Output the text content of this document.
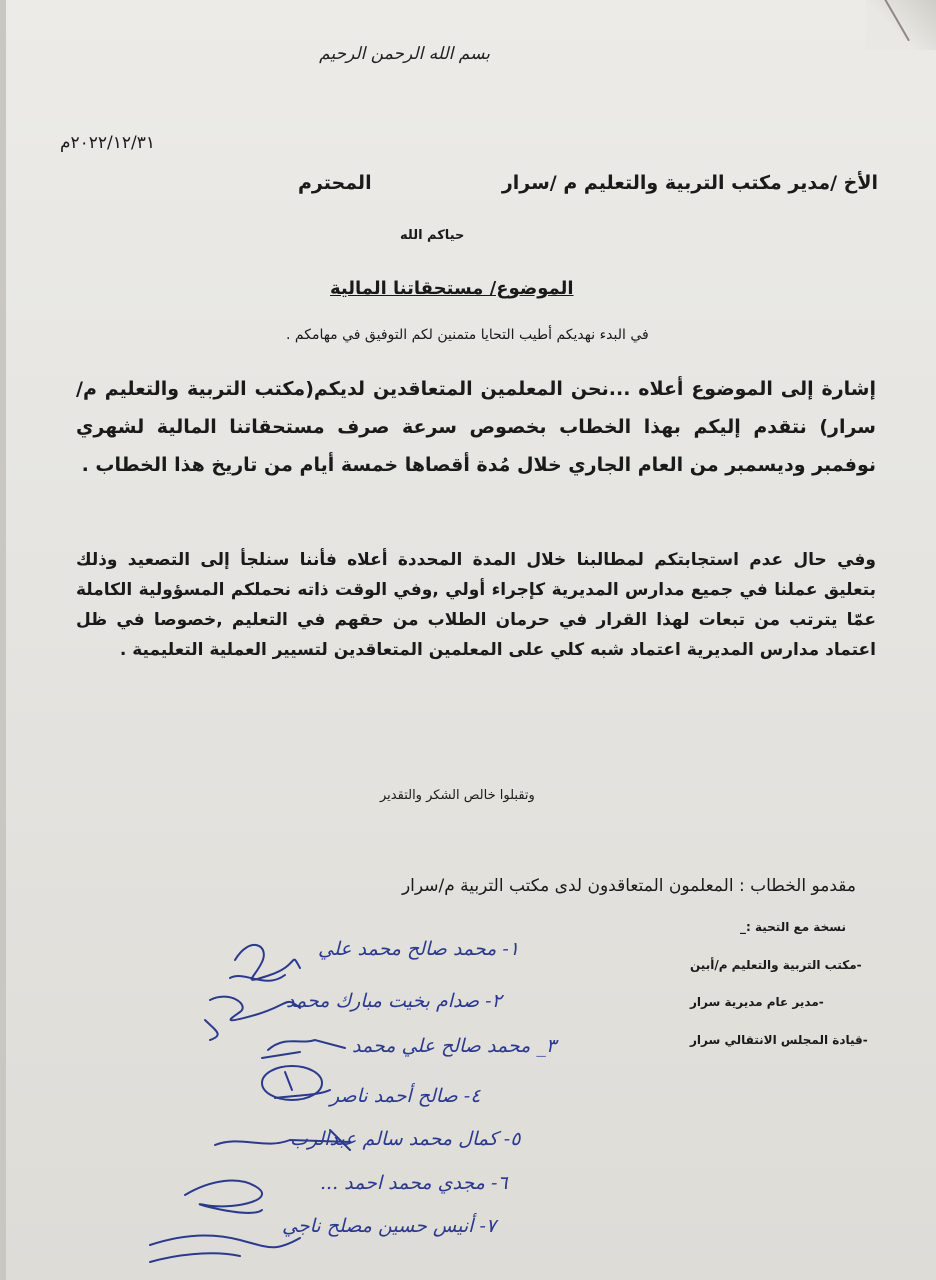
بسم الله الرحمن الرحيم
٢٠٢٢/١٢/٣١م
الأخ /مدير مكتب التربية والتعليم م /سرار
المحترم
حياكم الله
الموضوع/ مستحقاتنا المالية
في البدء نهديكم أطيب التحايا متمنين لكم التوفيق في مهامكم .
إشارة إلى الموضوع أعلاه ...نحن المعلمين المتعاقدين لديكم(مكتب التربية والتعليم م/سرار) نتقدم إليكم بهذا الخطاب بخصوص سرعة صرف مستحقاتنا المالية لشهري نوفمبر وديسمبر من العام الجاري خلال مُدة أقصاها خمسة أيام من تاريخ هذا الخطاب .
وفي حال عدم استجابتكم لمطالبنا خلال المدة المحددة أعلاه فأننا سنلجأ إلى التصعيد وذلك بتعليق عملنا في جميع مدارس المديرية كإجراء أولي ,وفي الوقت ذاته نحملكم المسؤولية الكاملة عمّا يترتب من تبعات لهذا القرار في حرمان الطلاب من حقهم في التعليم ,خصوصا في ظل اعتماد مدارس المديرية اعتماد شبه كلي على المعلمين المتعاقدين لتسيير العملية التعليمية .
وتقبلوا خالص الشكر والتقدير
مقدمو الخطاب : المعلمون المتعاقدون لدى مكتب التربية م/سرار
نسخة مع التحية :_
-مكتب التربية والتعليم م/أبين
-مدير عام مديرية سرار
-قيادة المجلس الانتقالي سرار
١- محمد صالح محمد علي
٢- صدام بخيت مبارك محمد
٣_ محمد صالح علي محمد
٤- صالح أحمد ناصر
٥- كمال محمد سالم عبدالرب
٦- مجدي محمد احمد ...
٧- أنيس حسين مصلح ناجي
